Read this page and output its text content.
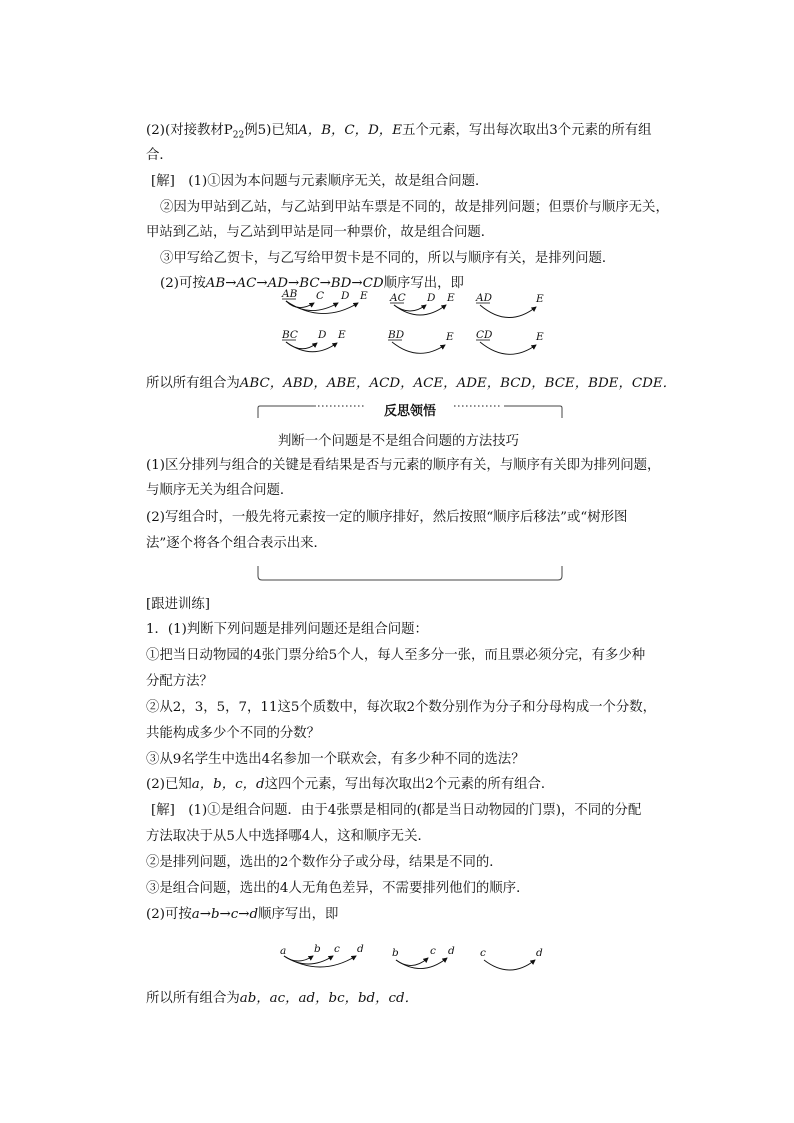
(2)(对接教材$P_{22}$例5)已知A，B，C，D，E五个元素，写出每次取出3个元素的所有组
合．
[解]　(1)①因为本问题与元素顺序无关，故是组合问题．
②因为甲站到乙站，与乙站到甲站车票是不同的，故是排列问题；但票价与顺序无关，
甲站到乙站，与乙站到甲站是同一种票价，故是组合问题．
③甲写给乙贺卡，与乙写给甲贺卡是不同的，所以与顺序有关，是排列问题．
(2)可按AB→AC→AD→BC→BD→CD顺序写出，即
AB C D E AC D E AD	E
BC D E	BD	E CD	E
所以所有组合为ABC，ABD，ABE，ACD，ACE，ADE，BCD，BCE，BDE，CDE．
反思领悟
判断一个问题是不是组合问题的方法技巧
(1)区分排列与组合的关键是看结果是否与元素的顺序有关，与顺序有关即为排列问题，
与顺序无关为组合问题．
(2)写组合时，一般先将元素按一定的顺序排好，然后按照“顺序后移法”或“树形图
法”逐个将各个组合表示出来．
[跟进训练]
1．(1)判断下列问题是排列问题还是组合问题：
①把当日动物园的4张门票分给5个人，每人至多分一张，而且票必须分完，有多少种
分配方法？
②从2，3，5，7，11这5个质数中，每次取2个数分别作为分子和分母构成一个分数，
共能构成多少个不同的分数？
③从9名学生中选出4名参加一个联欢会，有多少种不同的选法？
(2)已知a，b，c，d这四个元素，写出每次取出2个元素的所有组合．
[解]　(1)①是组合问题．由于4张票是相同的(都是当日动物园的门票)，不同的分配
方法取决于从5人中选择哪4人，这和顺序无关．
②是排列问题，选出的2个数作分子或分母，结果是不同的．
③是组合问题，选出的4人无角色差异，不需要排列他们的顺序．
(2)可按a→b→c→d顺序写出，即
a	b c d	b	c d c	d
所以所有组合为ab，ac，ad，bc，bd，cd．
